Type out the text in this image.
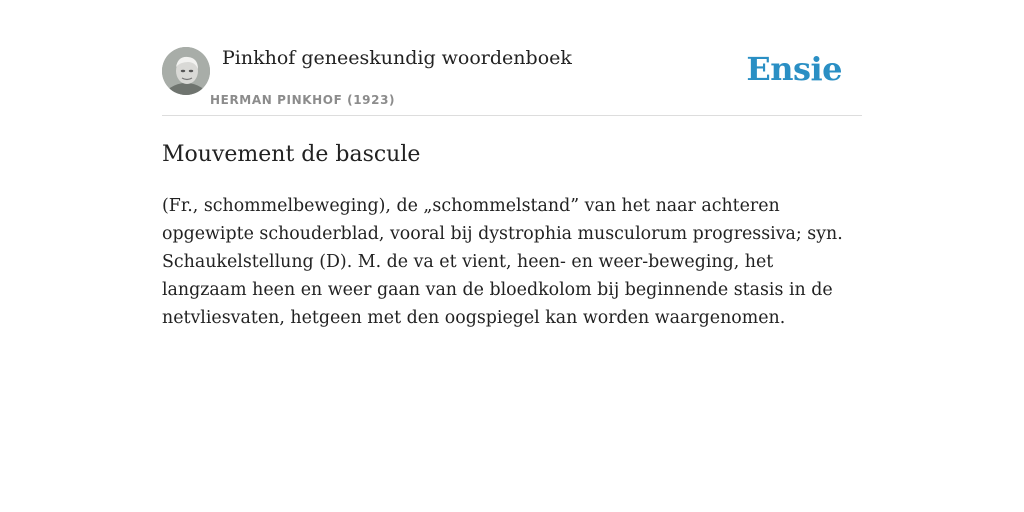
Pinkhof geneeskundig woordenboek
HERMAN PINKHOF (1923)
Ensie
Mouvement de bascule

(Fr., schommelbeweging), de „schommelstand” van het naar achteren opgewipte schouderblad, vooral bij dystrophia musculorum progressiva; syn. Schaukelstellung (D). M. de va et vient, heen- en weer-beweging, het langzaam heen en weer gaan van de bloedkolom bij beginnende stasis in de netvliesvaten, hetgeen met den oogspiegel kan worden waargenomen.
